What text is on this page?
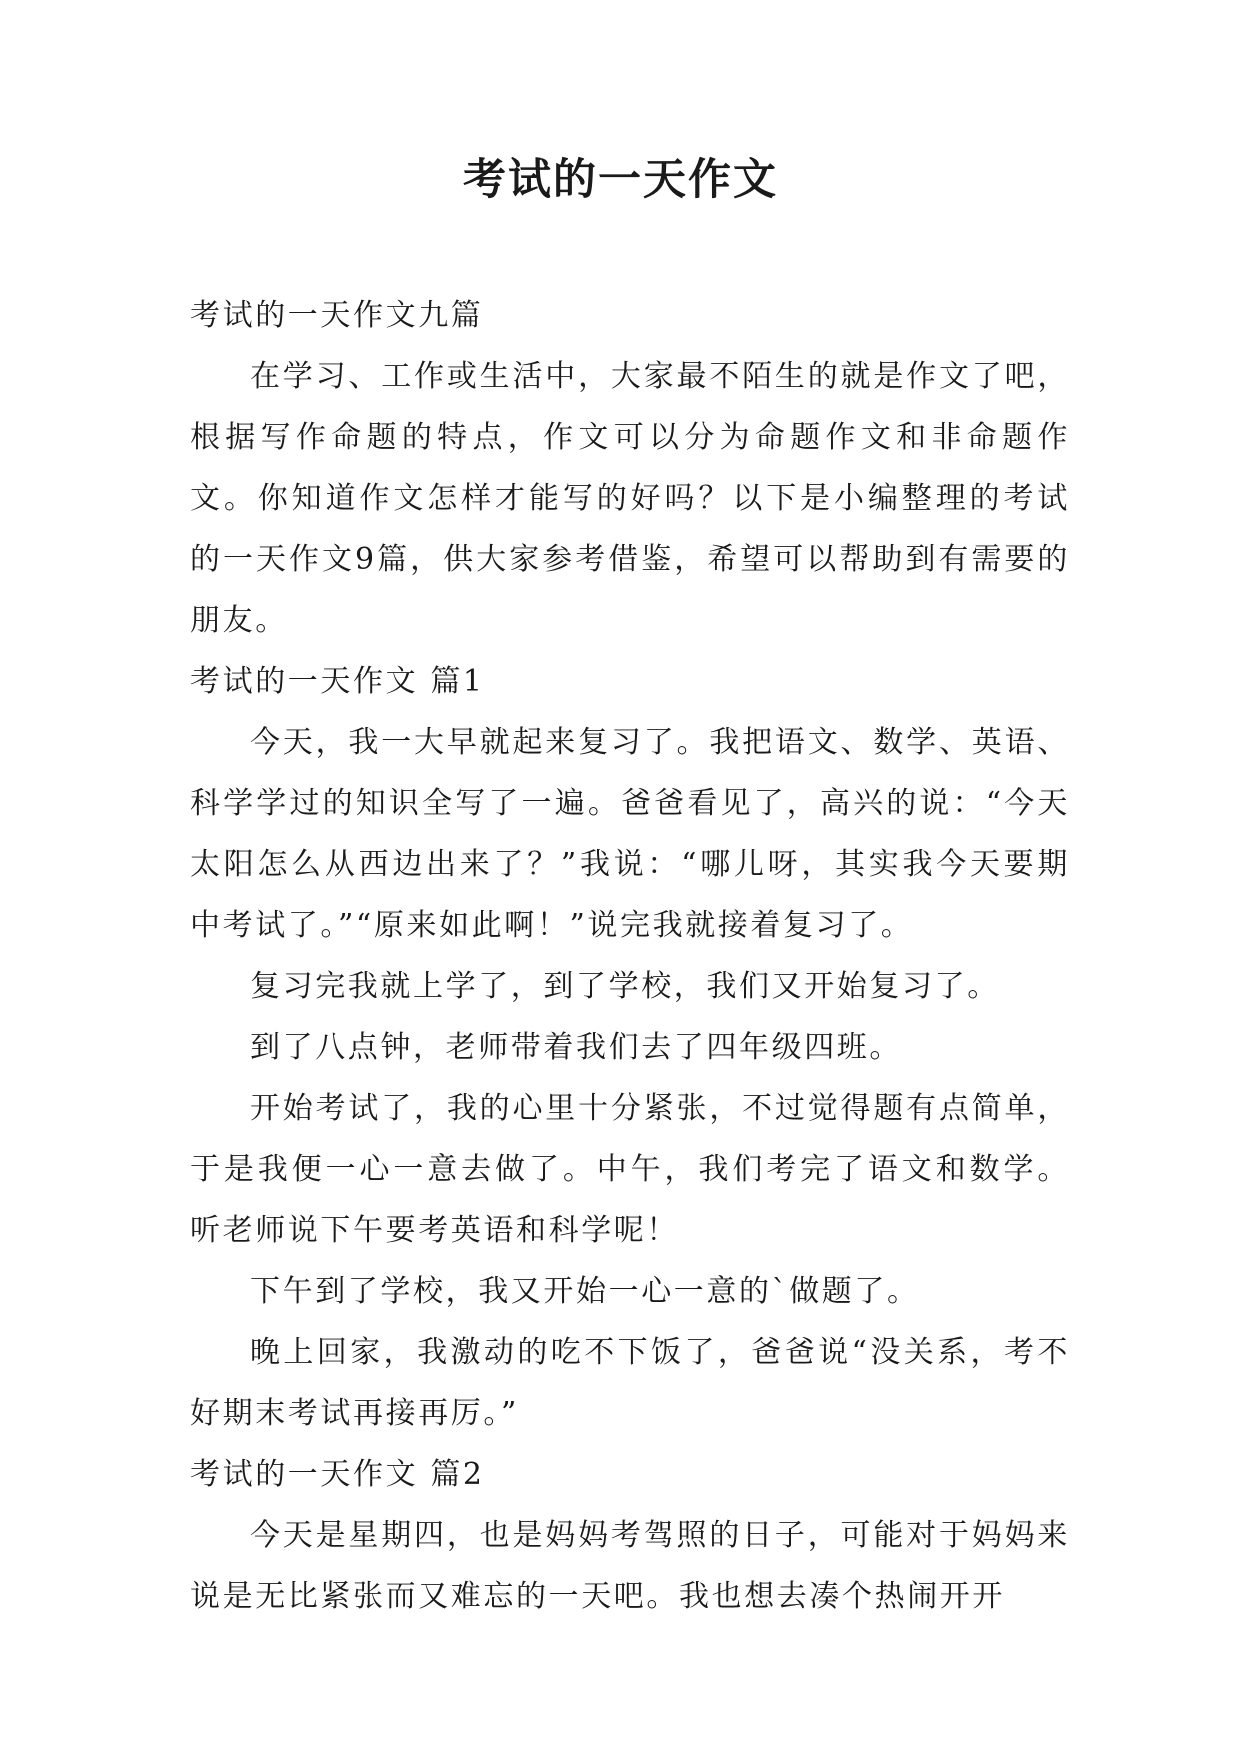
考试的一天作文

考试的一天作文九篇

在学习、工作或生活中，大家最不陌生的就是作文了吧，根据写作命题的特点，作文可以分为命题作文和非命题作文。你知道作文怎样才能写的好吗？以下是小编整理的考试的一天作文9篇，供大家参考借鉴，希望可以帮助到有需要的朋友。

考试的一天作文 篇1

今天，我一大早就起来复习了。我把语文、数学、英语、科学学过的知识全写了一遍。爸爸看见了，高兴的说：“今天太阳怎么从西边出来了？”我说：“哪儿呀，其实我今天要期中考试了。”“原来如此啊！”说完我就接着复习了。

复习完我就上学了，到了学校，我们又开始复习了。

到了八点钟，老师带着我们去了四年级四班。

开始考试了，我的心里十分紧张，不过觉得题有点简单，于是我便一心一意去做了。中午，我们考完了语文和数学。听老师说下午要考英语和科学呢！

下午到了学校，我又开始一心一意的`做题了。

晚上回家，我激动的吃不下饭了，爸爸说“没关系，考不好期末考试再接再厉。”

考试的一天作文 篇2

今天是星期四，也是妈妈考驾照的日子，可能对于妈妈来说是无比紧张而又难忘的一天吧。我也想去凑个热闹开开
